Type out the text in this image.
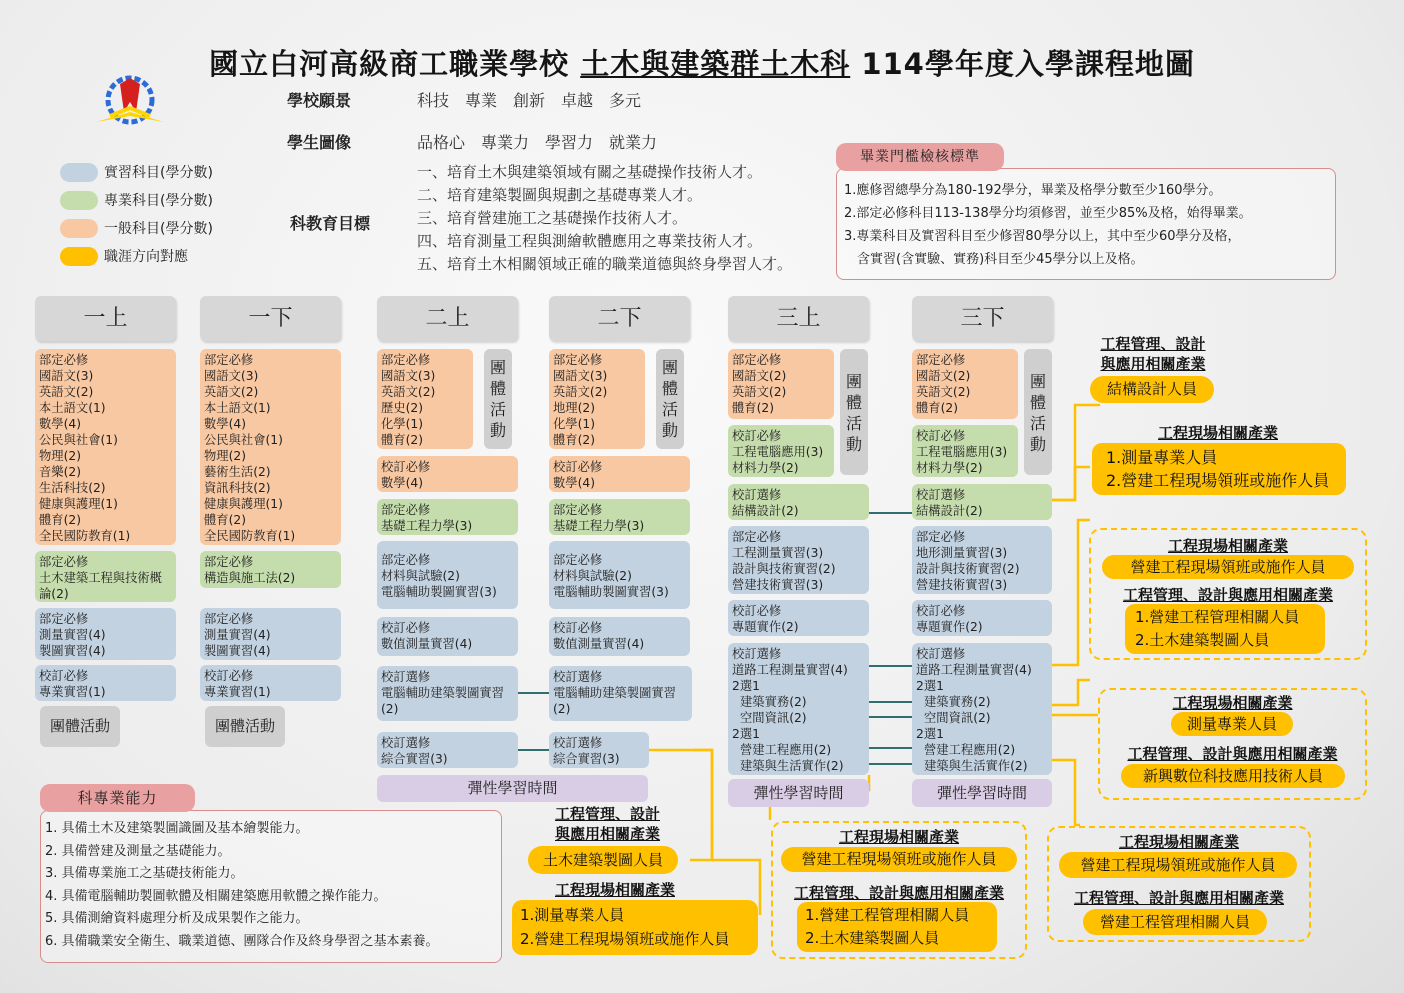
國立白河高級商工職業學校 土木與建築群土木科 114學年度入學課程地圖
學校願景	科技　專業　創新　卓越　多元
學生圖像	品格心　專業力　學習力　就業力
科教育目標
一、培育土木與建築領域有關之基礎操作技術人才。
二、培育建築製圖與規劃之基礎專業人才。
三、培育營建施工之基礎操作技術人才。
四、培育測量工程與測繪軟體應用之專業技術人才。
五、培育土木相關領域正確的職業道德與終身學習人才。
實習科目(學分數)
專業科目(學分數)
一般科目(學分數)
職涯方向對應
畢業門檻檢核標準
1.應修習總學分為180-192學分，畢業及格學分數至少160學分。
2.部定必修科目113-138學分均須修習，並至少85%及格，始得畢業。
3.專業科目及實習科目至少修習80學分以上，其中至少60學分及格，
　含實習(含實驗、實務)科目至少45學分以上及格。
一上	一下	二上	二下	三上	三下
部定必修
國語文(3)
英語文(2)
本土語文(1)
數學(4)
公民與社會(1)
物理(2)
音樂(2)
生活科技(2)
健康與護理(1)
體育(2)
全民國防教育(1)
部定必修
土木建築工程與技術概論(2)
部定必修
測量實習(4)
製圖實習(4)
校訂必修
專業實習(1)
團體活動
部定必修
國語文(3)
英語文(2)
本土語文(1)
數學(4)
公民與社會(1)
物理(2)
藝術生活(2)
資訊科技(2)
健康與護理(1)
體育(2)
全民國防教育(1)
部定必修
構造與施工法(2)
部定必修
測量實習(4)
製圖實習(4)
校訂必修
專業實習(1)
團體活動
部定必修
國語文(3)
英語文(2)
歷史(2)
化學(1)
體育(2)
團體活動
校訂必修
數學(4)
部定必修
基礎工程力學(3)
部定必修
材料與試驗(2)
電腦輔助製圖實習(3)
校訂必修
數值測量實習(4)
校訂選修
電腦輔助建築製圖實習
(2)
校訂選修
綜合實習(3)
彈性學習時間
部定必修
國語文(3)
英語文(2)
地理(2)
化學(1)
體育(2)
團體活動
校訂必修
數學(4)
部定必修
基礎工程力學(3)
部定必修
材料與試驗(2)
電腦輔助製圖實習(3)
校訂必修
數值測量實習(4)
校訂選修
電腦輔助建築製圖實習
(2)
校訂選修
綜合實習(3)
部定必修
國語文(2)
英語文(2)
體育(2)
團體活動
校訂必修
工程電腦應用(3)
材料力學(2)
校訂選修
結構設計(2)
部定必修
工程測量實習(3)
設計與技術實習(2)
營建技術實習(3)
校訂必修
專題實作(2)
校訂選修
道路工程測量實習(4)
2選1
建築實務(2)
空間資訊(2)
2選1
營建工程應用(2)
建築與生活實作(2)
彈性學習時間
部定必修
國語文(2)
英語文(2)
體育(2)
團體活動
校訂必修
工程電腦應用(3)
材料力學(2)
校訂選修
結構設計(2)
部定必修
地形測量實習(3)
設計與技術實習(2)
營建技術實習(3)
校訂必修
專題實作(2)
校訂選修
道路工程測量實習(4)
2選1
建築實務(2)
空間資訊(2)
2選1
營建工程應用(2)
建築與生活實作(2)
彈性學習時間
科專業能力
1. 具備土木及建築製圖識圖及基本繪製能力。
2. 具備營建及測量之基礎能力。
3. 具備專業施工之基礎技術能力。
4. 具備電腦輔助製圖軟體及相關建築應用軟體之操作能力。
5. 具備測繪資料處理分析及成果製作之能力。
6. 具備職業安全衛生、職業道德、團隊合作及終身學習之基本素養。
工程管理、設計
與應用相關產業
結構設計人員
工程現場相關產業
1.測量專業人員
2.營建工程現場領班或施作人員
工程現場相關產業
營建工程現場領班或施作人員
工程管理、設計與應用相關產業
1.營建工程管理相關人員
2.土木建築製圖人員
工程現場相關產業
測量專業人員
工程管理、設計與應用相關產業
新興數位科技應用技術人員
工程管理、設計
與應用相關產業
土木建築製圖人員
工程現場相關產業
1.測量專業人員
2.營建工程現場領班或施作人員
工程現場相關產業
營建工程現場領班或施作人員
工程管理、設計與應用相關產業
1.營建工程管理相關人員
2.土木建築製圖人員
工程現場相關產業
營建工程現場領班或施作人員
工程管理、設計與應用相關產業
營建工程管理相關人員
